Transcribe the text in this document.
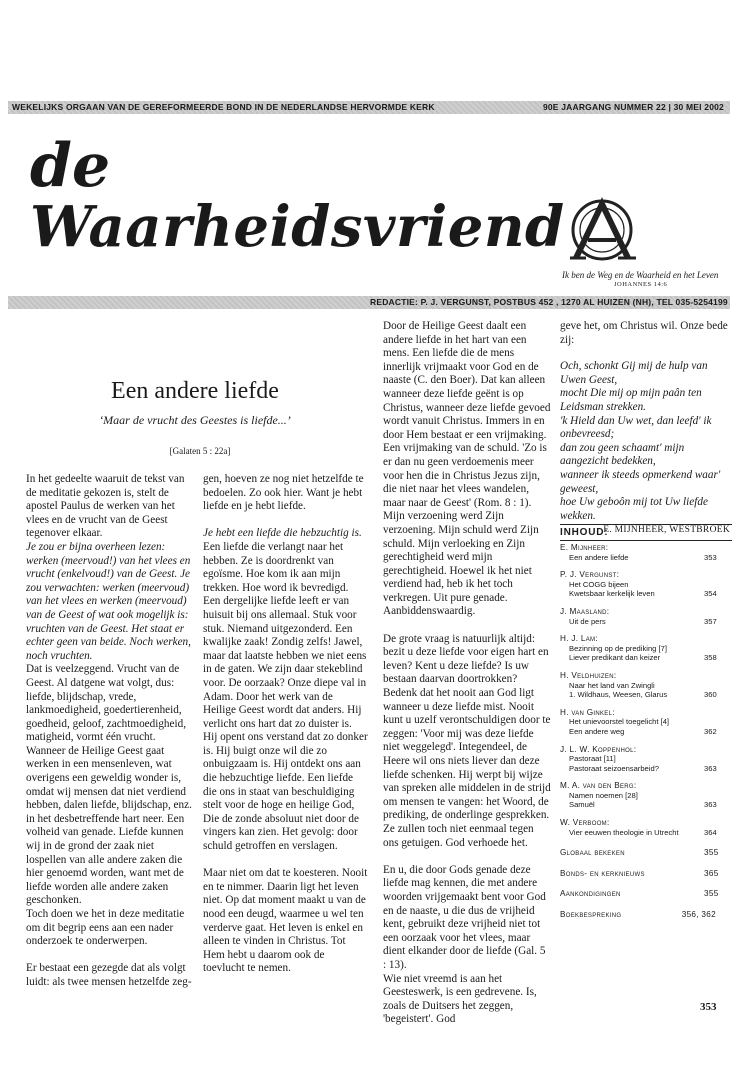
WEKELIJKS ORGAAN VAN DE GEREFORMEERDE BOND IN DE NEDERLANDSE HERVORMDE KERK	90E JAARGANG NUMMER 22 | 30 MEI 2002
de
Waarheidsvriend
Ik ben de Weg en de Waarheid en het Leven
JOHANNES 14:6
REDACTIE: P. J. VERGUNST, POSTBUS 452 , 1270 AL HUIZEN (NH), TEL 035-5254199
Een andere liefde
‘Maar de vrucht des Geestes is liefde...’
[Galaten 5 : 22a]

In het gedeelte waaruit de tekst van de meditatie gekozen is, stelt de apostel Paulus de werken van het vlees en de vrucht van de Geest tegenover elkaar.

Je zou er bijna overheen lezen: werken (meervoud!) van het vlees en vrucht (enkelvoud!) van de Geest. Je zou verwachten: werken (meervoud) van het vlees en werken (meervoud) van de Geest of wat ook mogelijk is: vruchten van de Geest. Het staat er echter geen van beide. Noch werken, noch vruchten.

Dat is veelzeggend. Vrucht van de Geest. Al datgene wat volgt, dus: liefde, blijdschap, vrede, lankmoedigheid, goedertierenheid, goedheid, geloof, zachtmoedigheid, matigheid, vormt één vrucht. Wanneer de Heilige Geest gaat werken in een mensenleven, wat overigens een geweldig wonder is, omdat wij mensen dat niet verdiend hebben, dalen liefde, blijdschap, enz. in het desbetreffende hart neer. Een volheid van genade. Liefde kunnen wij in de grond der zaak niet lospellen van alle andere zaken die hier genoemd worden, want met de liefde worden alle andere zaken geschonken.

Toch doen we het in deze meditatie om dit begrip eens aan een nader onderzoek te onderwerpen.

Er bestaat een gezegde dat als volgt luidt: als twee mensen hetzelfde zeg-

gen, hoeven ze nog niet hetzelfde te bedoelen. Zo ook hier. Want je hebt liefde en je hebt liefde.

Je hebt een liefde die hebzuchtig is.

Een liefde die verlangt naar het hebben. Ze is doordrenkt van egoïsme. Hoe kom ik aan mijn trekken. Hoe word ik bevredigd. Een dergelijke liefde leeft er van huisuit bij ons allemaal. Stuk voor stuk. Niemand uitgezonderd. Een kwalijke zaak! Zondig zelfs! Jawel, maar dat laatste hebben we niet eens in de gaten. We zijn daar stekeblind voor. De oorzaak? Onze diepe val in Adam. Door het werk van de Heilige Geest wordt dat anders. Hij verlicht ons hart dat zo duister is. Hij opent ons verstand dat zo donker is. Hij buigt onze wil die zo onbuigzaam is. Hij ontdekt ons aan die hebzuchtige liefde. Een liefde die ons in staat van beschuldiging stelt voor de hoge en heilige God, Die de zonde absoluut niet door de vingers kan zien. Het gevolg: door schuld getroffen en verslagen.

Maar niet om dat te koesteren. Nooit en te nimmer. Daarin ligt het leven niet. Op dat moment maakt u van de nood een deugd, waarmee u wel ten verderve gaat. Het leven is enkel en alleen te vinden in Christus. Tot Hem hebt u daarom ook de toevlucht te nemen.

Door de Heilige Geest daalt een andere liefde in het hart van een mens. Een liefde die de mens innerlijk vrijmaakt voor God en de naaste (C. den Boer). Dat kan alleen wanneer deze liefde geënt is op Christus, wanneer deze liefde gevoed wordt vanuit Christus. Immers in en door Hem bestaat er een vrijmaking. Een vrijmaking van de schuld. 'Zo is er dan nu geen verdoemenis meer voor hen die in Christus Jezus zijn, die niet naar het vlees wandelen, maar naar de Geest' (Rom. 8 : 1). Mijn verzoening werd Zijn verzoening. Mijn schuld werd Zijn schuld. Mijn verloeking en Zijn gerechtigheid werd mijn gerechtigheid. Hoewel ik het niet verdiend had, heb ik het toch verkregen. Uit pure genade. Aanbiddenswaardig.

De grote vraag is natuurlijk altijd: bezit u deze liefde voor eigen hart en leven? Kent u deze liefde? Is uw bestaan daarvan doortrokken? Bedenk dat het nooit aan God ligt wanneer u deze liefde mist. Nooit kunt u uzelf verontschuldigen door te zeggen: 'Voor mij was deze liefde niet weggelegd'. Integendeel, de Heere wil ons niets liever dan deze liefde schenken. Hij werpt bij wijze van spreken alle middelen in de strijd om mensen te vangen: het Woord, de prediking, de onderlinge gesprekken. Ze zullen toch niet eenmaal tegen ons getuigen. God verhoede het.

En u, die door Gods genade deze liefde mag kennen, die met andere woorden vrijgemaakt bent voor God en de naaste, u die dus de vrijheid kent, gebruikt deze vrijheid niet tot een oorzaak voor het vlees, maar dient elkander door de liefde (Gal. 5 : 13).

Wie niet vreemd is aan het Geesteswerk, is een gedrevene. Is, zoals de Duitsers het zeggen, 'begeistert'. God

geve het, om Christus wil. Onze bede zij:

Och, schonkt Gij mij de hulp van Uwen Geest,
mocht Die mij op mijn paân ten Leidsman strekken.
'k Hield dan Uw wet, dan leefd' ik onbevreesd;
dan zou geen schaamt' mijn aangezicht bedekken,
wanneer ik steeds opmerkend waar' geweest,
hoe Uw geboôn mij tot Uw liefde wekken.
E. MIJNHEER, WESTBROEK
INHOUD:
E. Mijnheer:
Een andere liefde	353
P. J. Vergunst:
Het COGG bijeen
Kwetsbaar kerkelijk leven	354
J. Maasland:
Uit de pers	357
H. J. Lam:
Bezinning op de prediking [7]
Liever predikant dan keizer	358
H. Veldhuizen:
Naar het land van Zwingli
1. Wildhaus, Weesen, Glarus	360
H. van Ginkel:
Het unievoorstel toegelicht [4]
Een andere weg	362
J. L. W. Koppenhol:
Pastoraat [11]
Pastoraat seizoensarbeid?	363
M. A. van den Berg:
Namen noemen [28]
Samuël	363
W. Verboom:
Vier eeuwen theologie in Utrecht	364
Globaal bekeken	355
Bonds- en kerknieuws	365
Aankondigingen	355
Boekbespreking	356, 362
353
